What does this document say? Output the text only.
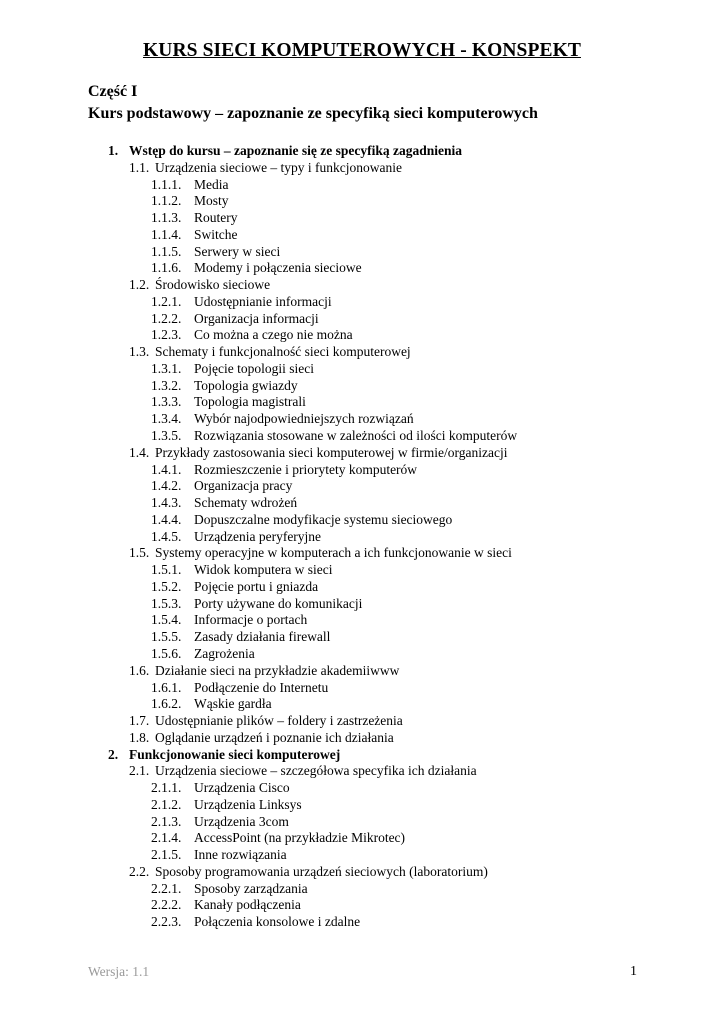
KURS SIECI KOMPUTEROWYCH - KONSPEKT
Część I
Kurs podstawowy – zapoznanie ze specyfiką sieci komputerowych
1. Wstęp do kursu – zapoznanie się ze specyfiką zagadnienia
1.1. Urządzenia sieciowe – typy i funkcjonowanie
1.1.1. Media
1.1.2. Mosty
1.1.3. Routery
1.1.4. Switche
1.1.5. Serwery w sieci
1.1.6. Modemy i połączenia sieciowe
1.2. Środowisko sieciowe
1.2.1. Udostępnianie informacji
1.2.2. Organizacja informacji
1.2.3. Co można a czego nie można
1.3. Schematy i funkcjonalność sieci komputerowej
1.3.1. Pojęcie topologii sieci
1.3.2. Topologia gwiazdy
1.3.3. Topologia magistrali
1.3.4. Wybór najodpowiedniejszych rozwiązań
1.3.5. Rozwiązania stosowane w zależności od ilości komputerów
1.4. Przykłady zastosowania sieci komputerowej w firmie/organizacji
1.4.1. Rozmieszczenie i priorytety komputerów
1.4.2. Organizacja pracy
1.4.3. Schematy wdrożeń
1.4.4. Dopuszczalne modyfikacje systemu sieciowego
1.4.5. Urządzenia peryferyjne
1.5. Systemy operacyjne w komputerach a ich funkcjonowanie w sieci
1.5.1. Widok komputera w sieci
1.5.2. Pojęcie portu i gniazda
1.5.3. Porty używane do komunikacji
1.5.4. Informacje o portach
1.5.5. Zasady działania firewall
1.5.6. Zagrożenia
1.6. Działanie sieci na przykładzie akademiiwww
1.6.1. Podłączenie do Internetu
1.6.2. Wąskie gardła
1.7. Udostępnianie plików – foldery i zastrzeżenia
1.8. Oglądanie urządzeń i poznanie ich działania
2. Funkcjonowanie sieci komputerowej
2.1. Urządzenia sieciowe – szczegółowa specyfika ich działania
2.1.1. Urządzenia Cisco
2.1.2. Urządzenia Linksys
2.1.3. Urządzenia 3com
2.1.4. AccessPoint (na przykładzie Mikrotec)
2.1.5. Inne rozwiązania
2.2. Sposoby programowania urządzeń sieciowych (laboratorium)
2.2.1. Sposoby zarządzania
2.2.2. Kanały podłączenia
2.2.3. Połączenia konsolowe i zdalne
Wersja: 1.1	1
